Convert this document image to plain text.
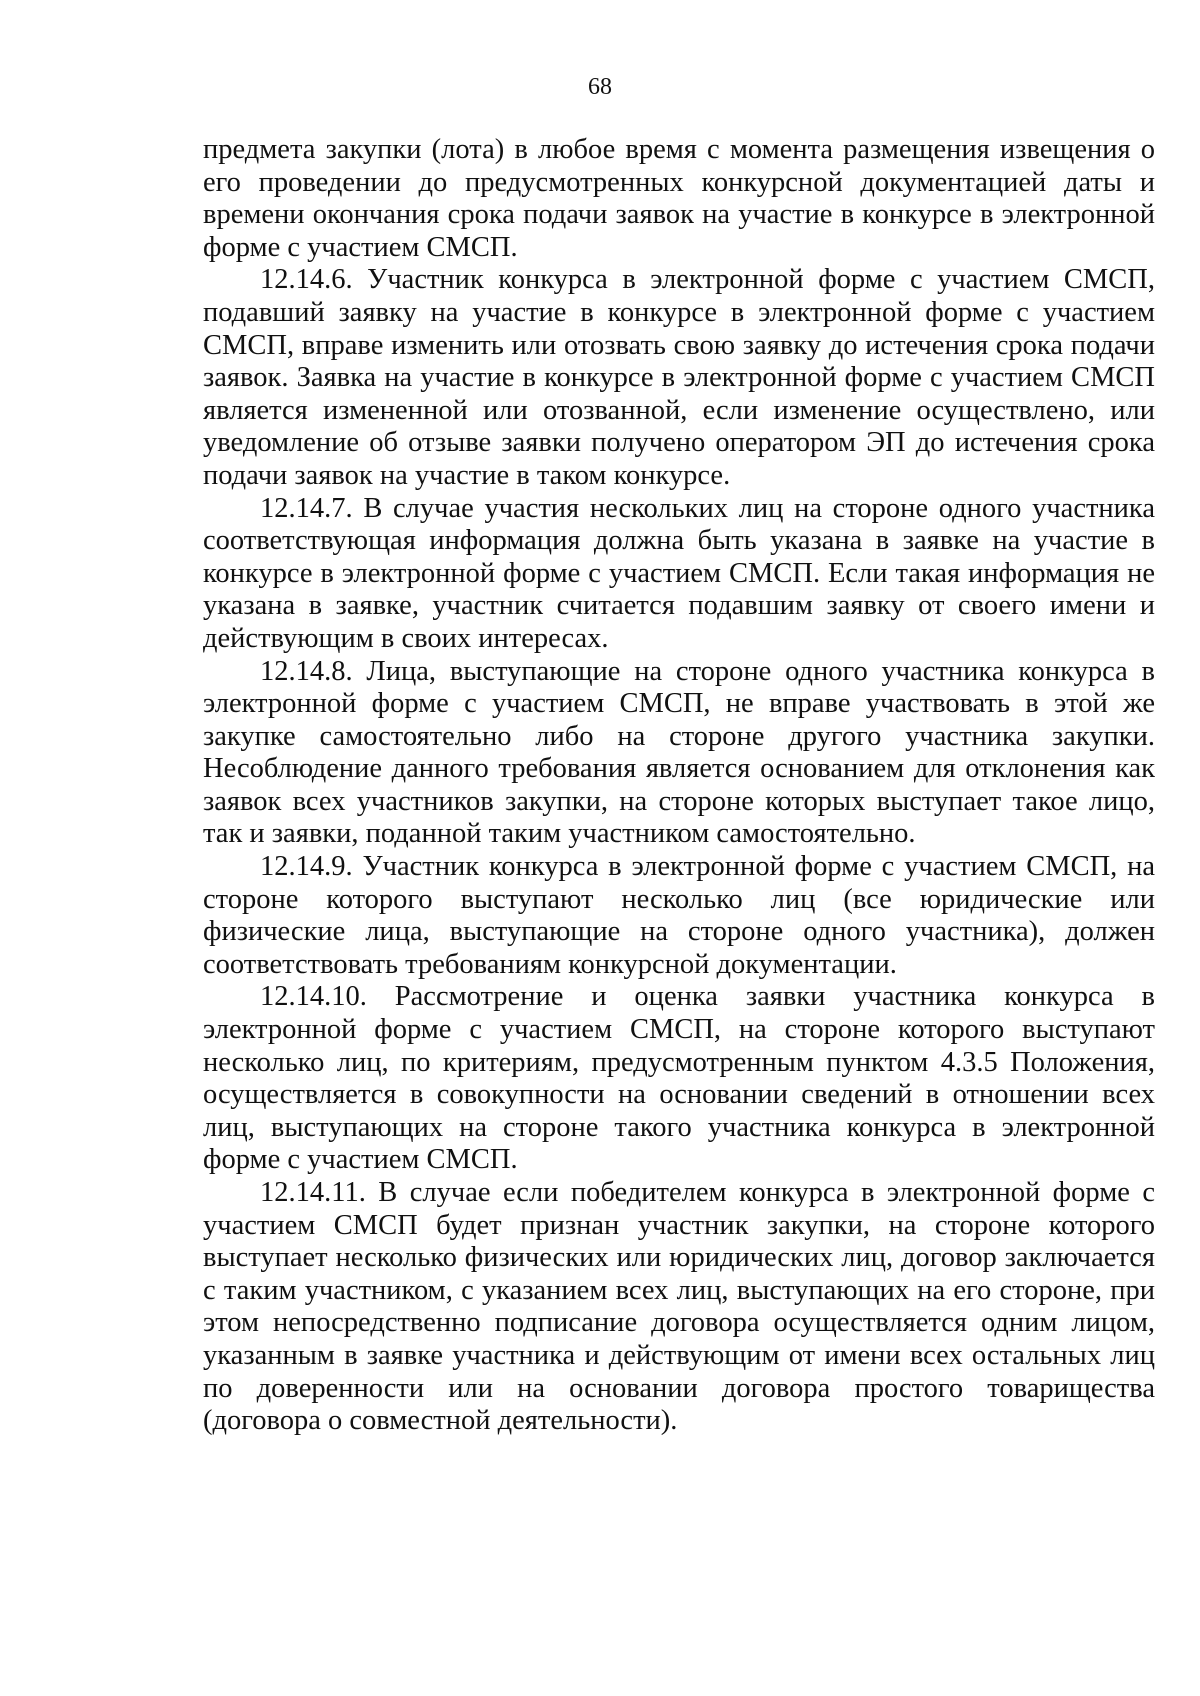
68

предмета закупки (лота) в любое время с момента размещения извещения о его проведении до предусмотренных конкурсной документацией даты и времени окончания срока подачи заявок на участие в конкурсе в электронной форме с участием СМСП.

12.14.6. Участник конкурса в электронной форме с участием СМСП, подавший заявку на участие в конкурсе в электронной форме с участием СМСП, вправе изменить или отозвать свою заявку до истечения срока подачи заявок. Заявка на участие в конкурсе в электронной форме с участием СМСП является измененной или отозванной, если изменение осуществлено, или уведомление об отзыве заявки получено оператором ЭП до истечения срока подачи заявок на участие в таком конкурсе.

12.14.7. В случае участия нескольких лиц на стороне одного участника соответствующая информация должна быть указана в заявке на участие в конкурсе в электронной форме с участием СМСП. Если такая информация не указана в заявке, участник считается подавшим заявку от своего имени и действующим в своих интересах.

12.14.8. Лица, выступающие на стороне одного участника конкурса в электронной форме с участием СМСП, не вправе участвовать в этой же закупке самостоятельно либо на стороне другого участника закупки. Несоблюдение данного требования является основанием для отклонения как заявок всех участников закупки, на стороне которых выступает такое лицо, так и заявки, поданной таким участником самостоятельно.

12.14.9. Участник конкурса в электронной форме с участием СМСП, на стороне которого выступают несколько лиц (все юридические или физические лица, выступающие на стороне одного участника), должен соответствовать требованиям конкурсной документации.

12.14.10. Рассмотрение и оценка заявки участника конкурса в электронной форме с участием СМСП, на стороне которого выступают несколько лиц, по критериям, предусмотренным пунктом 4.3.5 Положения, осуществляется в совокупности на основании сведений в отношении всех лиц, выступающих на стороне такого участника конкурса в электронной форме с участием СМСП.

12.14.11. В случае если победителем конкурса в электронной форме с участием СМСП будет признан участник закупки, на стороне которого выступает несколько физических или юридических лиц, договор заключается с таким участником, с указанием всех лиц, выступающих на его стороне, при этом непосредственно подписание договора осуществляется одним лицом, указанным в заявке участника и действующим от имени всех остальных лиц по доверенности или на основании договора простого товарищества (договора о совместной деятельности).
